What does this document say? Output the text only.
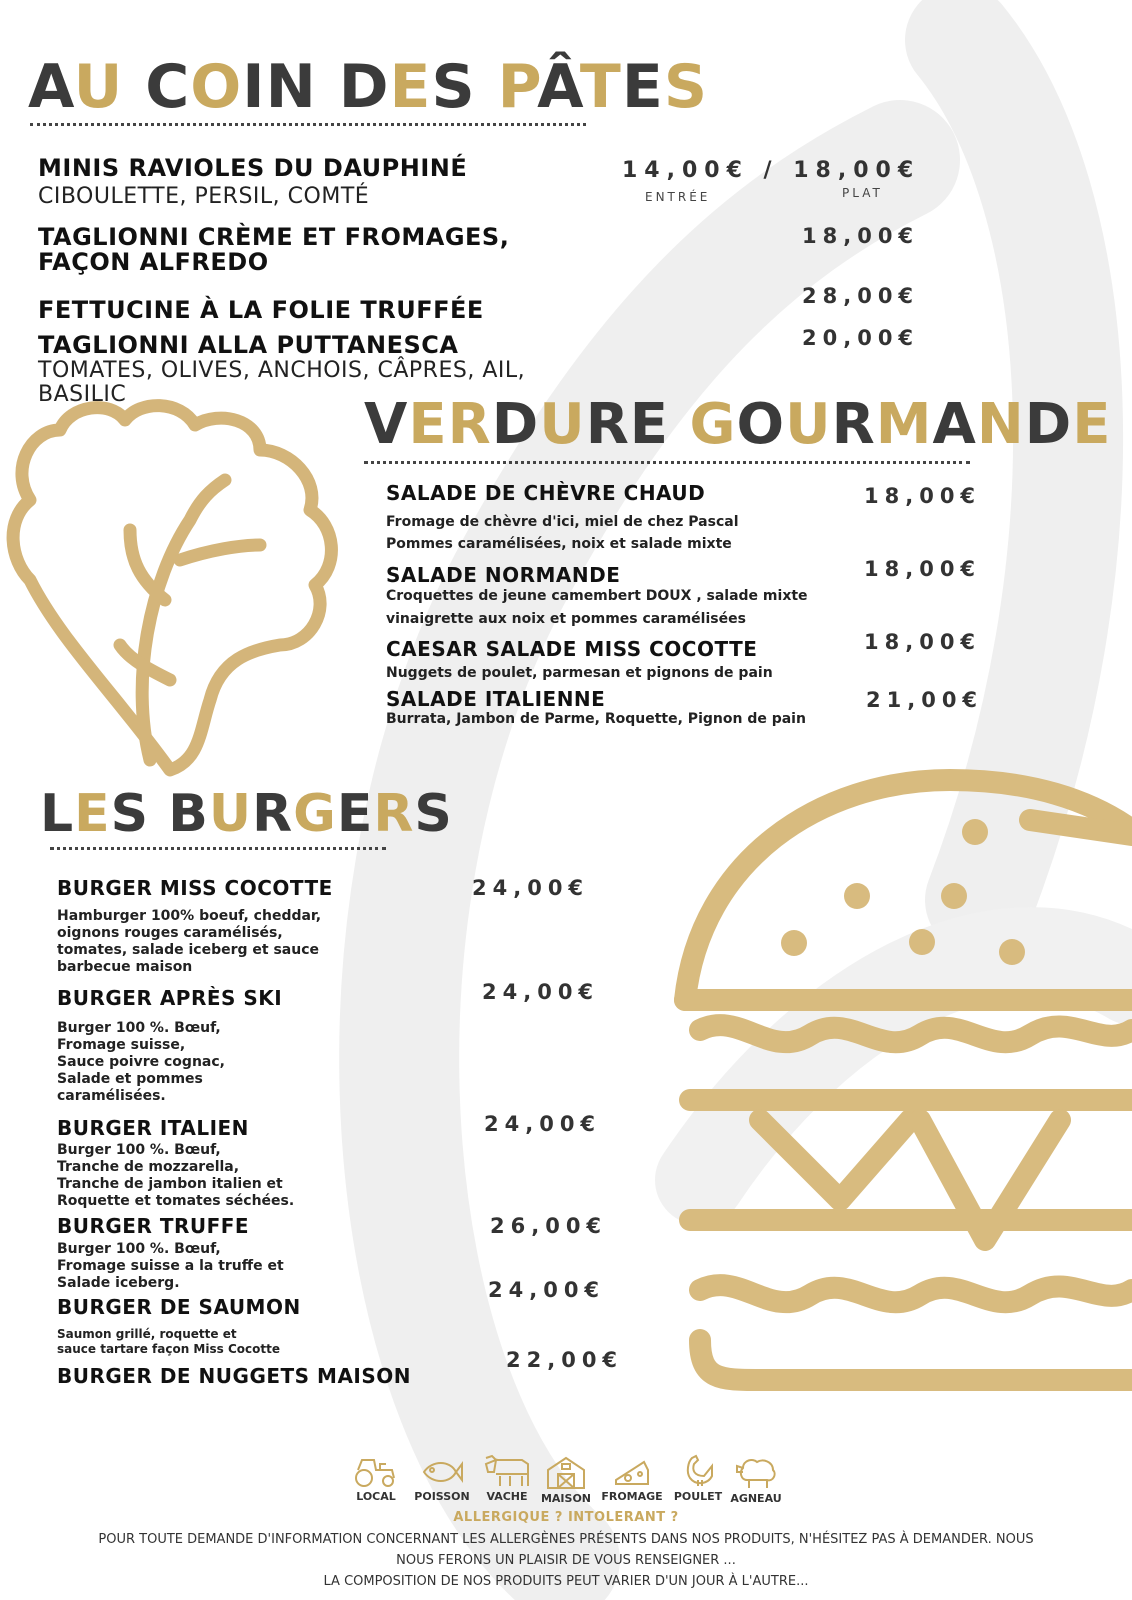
AU COIN DES PÂTES
MINIS RAVIOLES DU DAUPHINÉ
CIBOULETTE, PERSIL, COMTÉ
14,00€ / 18,00€
ENTRÉE	PLAT
TAGLIONNI CRÈME ET FROMAGES,
FAÇON ALFREDO
18,00€
FETTUCINE À LA FOLIE TRUFFÉE	28,00€
TAGLIONNI ALLA PUTTANESCA
TOMATES, OLIVES, ANCHOIS, CÂPRES, AIL,
BASILIC
20,00€
VERDURE GOURMANDE
SALADE DE CHÈVRE CHAUD
Fromage de chèvre d'ici, miel de chez Pascal
Pommes caramélisées, noix et salade mixte
18,00€
SALADE NORMANDE
Croquettes de jeune camembert DOUX , salade mixte
vinaigrette aux noix et pommes caramélisées
18,00€
CAESAR SALADE MISS COCOTTE
Nuggets de poulet, parmesan et pignons de pain
18,00€
SALADE ITALIENNE
Burrata, Jambon de Parme, Roquette, Pignon de pain
21,00€
LES BURGERS
BURGER MISS COCOTTE
Hamburger 100% boeuf, cheddar,
oignons rouges caramélisés,
tomates, salade iceberg et sauce
barbecue maison
24,00€
BURGER APRÈS SKI
Burger 100 %. Bœuf,
Fromage suisse,
Sauce poivre cognac,
Salade et pommes
caramélisées.
24,00€
BURGER ITALIEN
Burger 100 %. Bœuf,
Tranche de mozzarella,
Tranche de jambon italien et
Roquette et tomates séchées.
24,00€
BURGER TRUFFE
Burger 100 %. Bœuf,
Fromage suisse a la truffe et
Salade iceberg.
26,00€
BURGER DE SAUMON
Saumon grillé, roquette et
sauce tartare façon Miss Cocotte
24,00€
BURGER DE NUGGETS MAISON
22,00€
LOCAL	POISSON	VACHE	MAISON FROMAGE	POULET AGNEAU
ALLERGIQUE ? INTOLERANT ?
POUR TOUTE DEMANDE D'INFORMATION CONCERNANT LES ALLERGÈNES PRÉSENTS DANS NOS PRODUITS, N'HÉSITEZ PAS À DEMANDER. NOUS
NOUS FERONS UN PLAISIR DE VOUS RENSEIGNER ...
LA COMPOSITION DE NOS PRODUITS PEUT VARIER D'UN JOUR À L'AUTRE...
